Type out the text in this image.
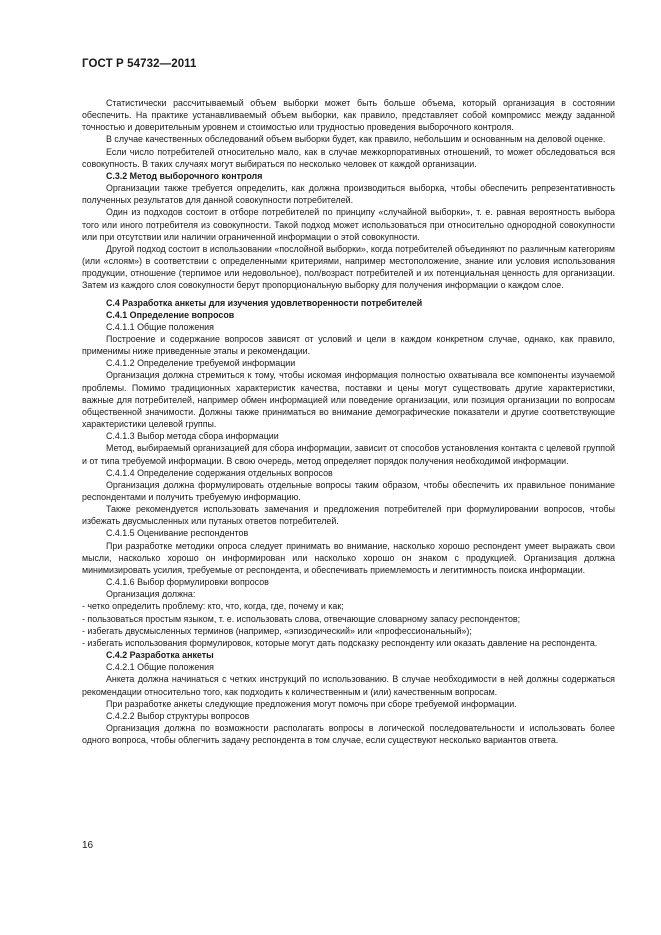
ГОСТ Р 54732—2011
Статистически рассчитываемый объем выборки может быть больше объема, который организация в состоянии обеспечить. На практике устанавливаемый объем выборки, как правило, представляет собой компромисс между заданной точностью и доверительным уровнем и стоимостью или трудностью проведения выборочного контроля.
В случае качественных обследований объем выборки будет, как правило, небольшим и основанным на деловой оценке.
Если число потребителей относительно мало, как в случае межкорпоративных отношений, то может обследоваться вся совокупность. В таких случаях могут выбираться по несколько человек от каждой организации.
С.3.2 Метод выборочного контроля
Организации также требуется определить, как должна производиться выборка, чтобы обеспечить репрезентативность полученных результатов для данной совокупности потребителей.
Один из подходов состоит в отборе потребителей по принципу «случайной выборки», т. е. равная вероятность выбора того или иного потребителя из совокупности. Такой подход может использоваться при относительно однородной совокупности или при отсутствии или наличии ограниченной информации о этой совокупности.
Другой подход состоит в использовании «послойной выборки», когда потребителей объединяют по различным категориям (или «слоям») в соответствии с определенными критериями, например местоположение, знание или условия использования продукции, отношение (терпимое или недовольное), пол/возраст потребителей и их потенциальная ценность для организации. Затем из каждого слоя совокупности берут пропорциональную выборку для получения информации о каждом слое.
С.4 Разработка анкеты для изучения удовлетворенности потребителей
С.4.1 Определение вопросов
С.4.1.1 Общие положения
Построение и содержание вопросов зависят от условий и цели в каждом конкретном случае, однако, как правило, применимы ниже приведенные этапы и рекомендации.
С.4.1.2 Определение требуемой информации
Организация должна стремиться к тому, чтобы искомая информация полностью охватывала все компоненты изучаемой проблемы. Помимо традиционных характеристик качества, поставки и цены могут существовать другие характеристики, важные для потребителей, например обмен информацией или поведение организации, или позиция организации по вопросам общественной значимости. Должны также приниматься во внимание демографические показатели и другие соответствующие характеристики целевой группы.
С.4.1.3 Выбор метода сбора информации
Метод, выбираемый организацией для сбора информации, зависит от способов установления контакта с целевой группой и от типа требуемой информации. В свою очередь, метод определяет порядок получения необходимой информации.
С.4.1.4 Определение содержания отдельных вопросов
Организация должна формулировать отдельные вопросы таким образом, чтобы обеспечить их правильное понимание респондентами и получить требуемую информацию.
Также рекомендуется использовать замечания и предложения потребителей при формулировании вопросов, чтобы избежать двусмысленных или путаных ответов потребителей.
С.4.1.5 Оценивание респондентов
При разработке методики опроса следует принимать во внимание, насколько хорошо респондент умеет выражать свои мысли, насколько хорошо он информирован или насколько хорошо он знаком с продукцией. Организация должна минимизировать усилия, требуемые от респондента, и обеспечивать приемлемость и легитимность поиска информации.
С.4.1.6 Выбор формулировки вопросов
Организация должна:
- четко определить проблему: кто, что, когда, где, почему и как;
- пользоваться простым языком, т. е. использовать слова, отвечающие словарному запасу респондентов;
- избегать двусмысленных терминов (например, «эпизодический» или «профессиональный»);
- избегать использования формулировок, которые могут дать подсказку респонденту или оказать давление на респондента.
С.4.2 Разработка анкеты
С.4.2.1 Общие положения
Анкета должна начинаться с четких инструкций по использованию. В случае необходимости в ней должны содержаться рекомендации относительно того, как подходить к количественным и (или) качественным вопросам.
При разработке анкеты следующие предложения могут помочь при сборе требуемой информации.
С.4.2.2 Выбор структуры вопросов
Организация должна по возможности располагать вопросы в логической последовательности и использовать более одного вопроса, чтобы облегчить задачу респондента в том случае, если существуют несколько вариантов ответа.
16
